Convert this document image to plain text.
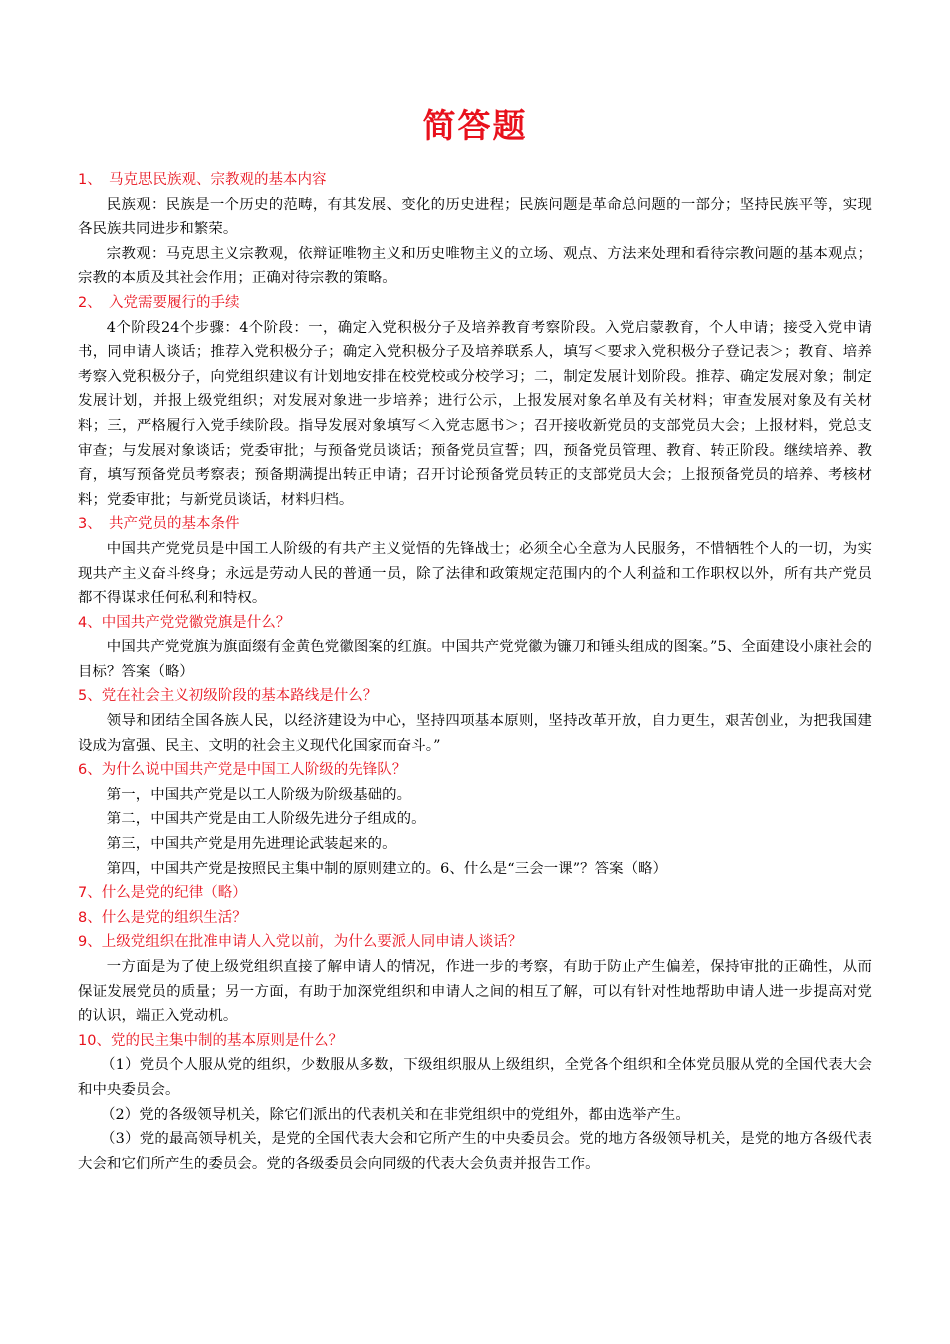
简答题

1、　马克思民族观、宗教观的基本内容

民族观：民族是一个历史的范畴，有其发展、变化的历史进程；民族问题是革命总问题的一部分；坚持民族平等，实现各民族共同进步和繁荣。

宗教观：马克思主义宗教观，依辩证唯物主义和历史唯物主义的立场、观点、方法来处理和看待宗教问题的基本观点；宗教的本质及其社会作用；正确对待宗教的策略。

2、　入党需要履行的手续

4个阶段24个步骤：4个阶段：一，确定入党积极分子及培养教育考察阶段。入党启蒙教育，个人申请；接受入党申请书，同申请人谈话；推荐入党积极分子；确定入党积极分子及培养联系人，填写＜要求入党积极分子登记表＞；教育、培养考察入党积极分子，向党组织建议有计划地安排在校党校或分校学习；二，制定发展计划阶段。推荐、确定发展对象；制定发展计划，并报上级党组织；对发展对象进一步培养；进行公示，上报发展对象名单及有关材料；审查发展对象及有关材料；三，严格履行入党手续阶段。指导发展对象填写＜入党志愿书＞；召开接收新党员的支部党员大会；上报材料，党总支审查；与发展对象谈话；党委审批；与预备党员谈话；预备党员宣誓；四，预备党员管理、教育、转正阶段。继续培养、教育，填写预备党员考察表；预备期满提出转正申请；召开讨论预备党员转正的支部党员大会；上报预备党员的培养、考核材料；党委审批；与新党员谈话，材料归档。

3、　共产党员的基本条件

中国共产党党员是中国工人阶级的有共产主义觉悟的先锋战士；必须全心全意为人民服务，不惜牺牲个人的一切，为实现共产主义奋斗终身；永远是劳动人民的普通一员，除了法律和政策规定范围内的个人利益和工作职权以外，所有共产党员都不得谋求任何私利和特权。

4、中国共产党党徽党旗是什么？

中国共产党党旗为旗面缀有金黄色党徽图案的红旗。中国共产党党徽为镰刀和锤头组成的图案。”5、全面建设小康社会的目标？答案（略）

5、党在社会主义初级阶段的基本路线是什么？

领导和团结全国各族人民，以经济建设为中心，坚持四项基本原则，坚持改革开放，自力更生，艰苦创业，为把我国建设成为富强、民主、文明的社会主义现代化国家而奋斗。”

6、为什么说中国共产党是中国工人阶级的先锋队？

第一，中国共产党是以工人阶级为阶级基础的。

第二，中国共产党是由工人阶级先进分子组成的。

第三，中国共产党是用先进理论武装起来的。

第四，中国共产党是按照民主集中制的原则建立的。6、什么是“三会一课”？答案（略）

7、什么是党的纪律（略）

8、什么是党的组织生活？

9、上级党组织在批准申请人入党以前，为什么要派人同申请人谈话？

一方面是为了使上级党组织直接了解申请人的情况，作进一步的考察，有助于防止产生偏差，保持审批的正确性，从而保证发展党员的质量；另一方面，有助于加深党组织和申请人之间的相互了解，可以有针对性地帮助申请人进一步提高对党的认识，端正入党动机。

10、党的民主集中制的基本原则是什么？

（1）党员个人服从党的组织，少数服从多数，下级组织服从上级组织，全党各个组织和全体党员服从党的全国代表大会和中央委员会。

（2）党的各级领导机关，除它们派出的代表机关和在非党组织中的党组外，都由选举产生。

（3）党的最高领导机关，是党的全国代表大会和它所产生的中央委员会。党的地方各级领导机关，是党的地方各级代表大会和它们所产生的委员会。党的各级委员会向同级的代表大会负责并报告工作。
